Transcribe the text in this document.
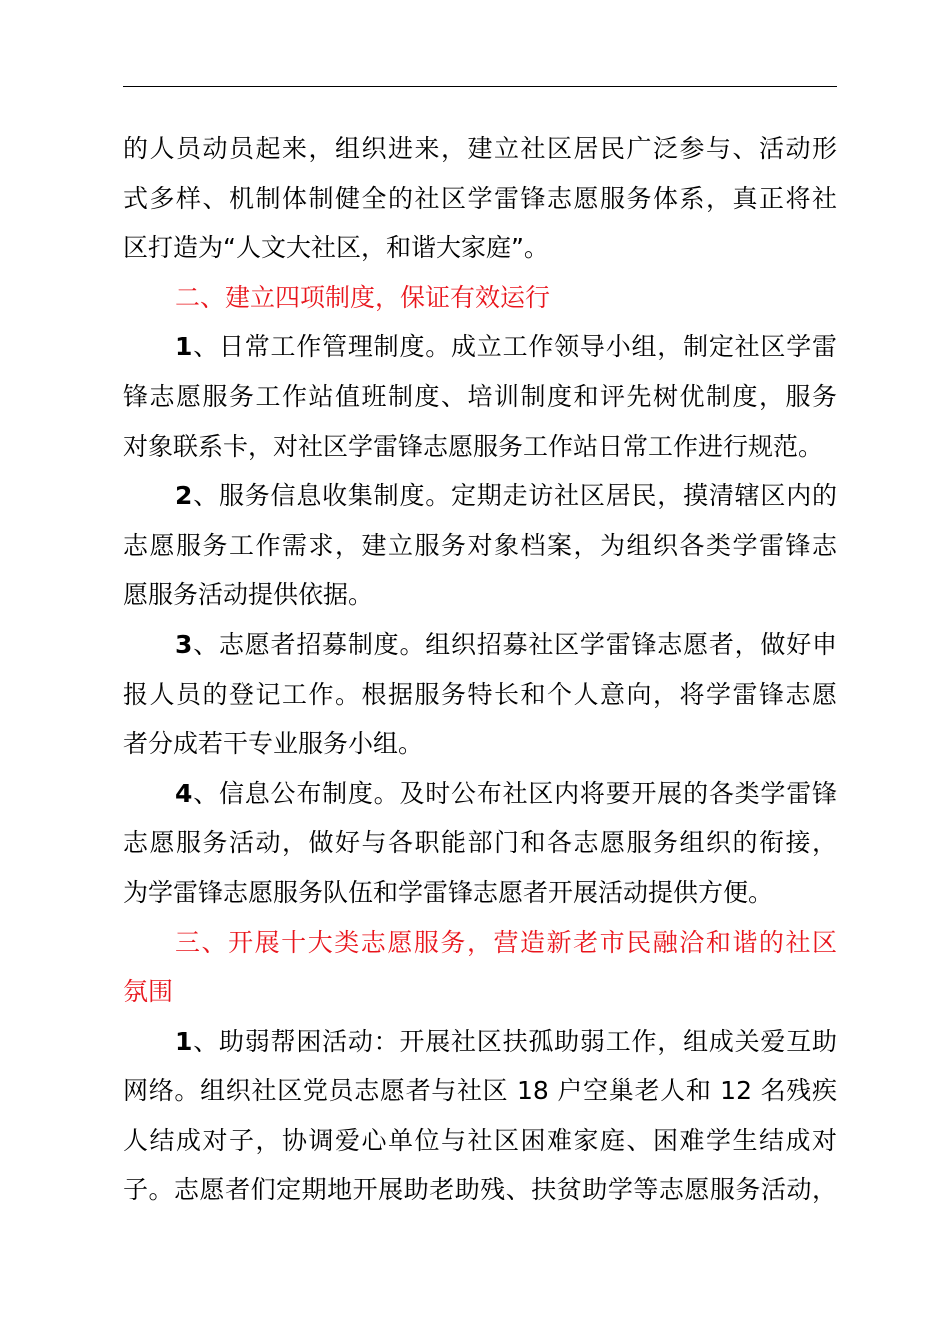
的人员动员起来，组织进来，建立社区居民广泛参与、活动形
式多样、机制体制健全的社区学雷锋志愿服务体系，真正将社
区打造为“人文大社区，和谐大家庭”。
二、建立四项制度，保证有效运行
1、日常工作管理制度。成立工作领导小组，制定社区学雷
锋志愿服务工作站值班制度、培训制度和评先树优制度，服务
对象联系卡，对社区学雷锋志愿服务工作站日常工作进行规范。
2、服务信息收集制度。定期走访社区居民，摸清辖区内的
志愿服务工作需求，建立服务对象档案，为组织各类学雷锋志
愿服务活动提供依据。
3、志愿者招募制度。组织招募社区学雷锋志愿者，做好申
报人员的登记工作。根据服务特长和个人意向，将学雷锋志愿
者分成若干专业服务小组。
4、信息公布制度。及时公布社区内将要开展的各类学雷锋
志愿服务活动，做好与各职能部门和各志愿服务组织的衔接，
为学雷锋志愿服务队伍和学雷锋志愿者开展活动提供方便。
三、开展十大类志愿服务，营造新老市民融洽和谐的社区
氛围
1、助弱帮困活动：开展社区扶孤助弱工作，组成关爱互助
网络。组织社区党员志愿者与社区 18 户空巢老人和 12 名残疾
人结成对子，协调爱心单位与社区困难家庭、困难学生结成对
子。志愿者们定期地开展助老助残、扶贫助学等志愿服务活动，
